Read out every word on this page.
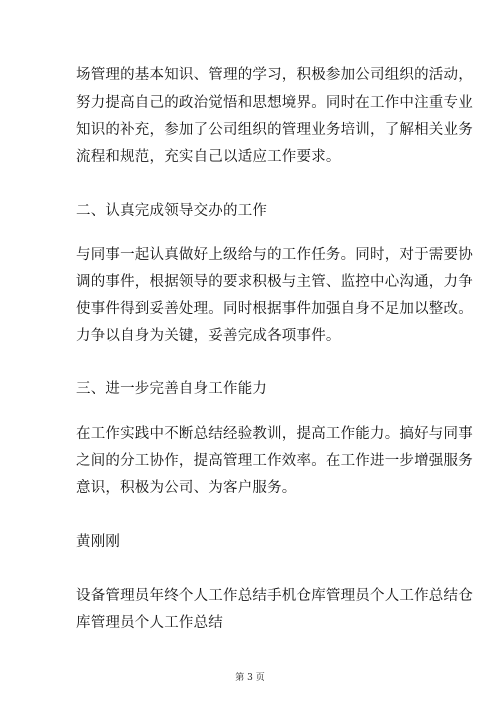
场管理的基本知识、管理的学习，积极参加公司组织的活动，
努力提高自己的政治觉悟和思想境界。同时在工作中注重专业
知识的补充，参加了公司组织的管理业务培训，了解相关业务
流程和规范，充实自己以适应工作要求。
二、认真完成领导交办的工作
与同事一起认真做好上级给与的工作任务。同时，对于需要协
调的事件，根据领导的要求积极与主管、监控中心沟通，力争
使事件得到妥善处理。同时根据事件加强自身不足加以整改。
力争以自身为关键，妥善完成各项事件。
三、进一步完善自身工作能力
在工作实践中不断总结经验教训，提高工作能力。搞好与同事
之间的分工协作，提高管理工作效率。在工作进一步增强服务
意识，积极为公司、为客户服务。
黄刚刚
设备管理员年终个人工作总结手机仓库管理员个人工作总结仓
库管理员个人工作总结
第 3 页
